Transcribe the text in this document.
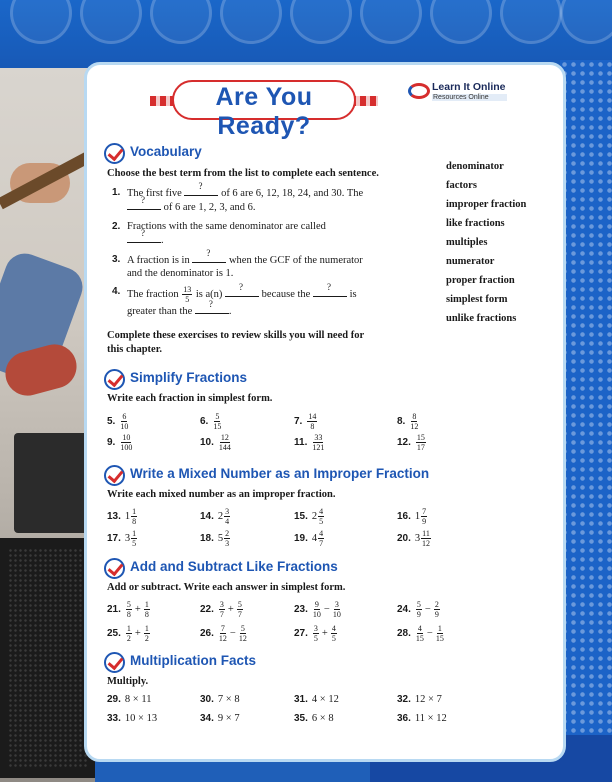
Are You Ready?
Learn It Online
Resources Online
Vocabulary
Choose the best term from the list to complete each sentence.
1. The first five ?	of 6 are 6, 12, 18, 24, and 30. The
? of 6 are 1, 2, 3, and 6.
2. Fractions with the same denominator are called
?.
3. A fraction is in ?	when the GCF of the numerator
and the denominator is 1.
4. The fraction $\frac{13}{5}$ is a(n) ?	because the ?	is
greater than the ?	.
denominator
factors
improper fraction
like fractions
multiples
numerator
proper fraction
simplest form
unlike fractions
Complete these exercises to review skills you will need for
this chapter.
Simplify Fractions
Write each fraction in simplest form.
5. $\frac{6}{10}$	6. $\frac{5}{15}$	7. $\frac{14}{8}$	8. $\frac{8}{12}$
9. $\frac{10}{100}$	10. $\frac{12}{144}$	11. $\frac{33}{121}$	12. $\frac{15}{17}$
Write a Mixed Number as an Improper Fraction
Write each mixed number as an improper fraction.
13. $1 \frac{1}{8}$	14. $2 \frac{3}{4}$	15. $2 \frac{4}{5}$	16. $1 \frac{7}{9}$
17. $3 \frac{1}{5}$	18. $5 \frac{2}{3}$	19. $4 \frac{4}{7}$	20. $3 \frac{11}{12}$
Add and Subtract Like Fractions
Add or subtract. Write each answer in simplest form.
21. $\frac{5}{8} + \frac{1}{8}$	22. $\frac{3}{7} + \frac{5}{7}$	23. $\frac{9}{10} - \frac{3}{10}$	24. $\frac{5}{9} - \frac{2}{9}$
25. $\frac{1}{2} + \frac{1}{2}$	26. $\frac{7}{12} - \frac{5}{12}$	27. $\frac{3}{5} + \frac{4}{5}$	28. $\frac{4}{15} - \frac{1}{15}$
Multiplication Facts
Multiply.
29. 8 × 11	30. 7 × 8	31. 4 × 12	32. 12 × 7
33. 10 × 13	34. 9 × 7	35. 6 × 8	36. 11 × 12
Fraction Operations 191
